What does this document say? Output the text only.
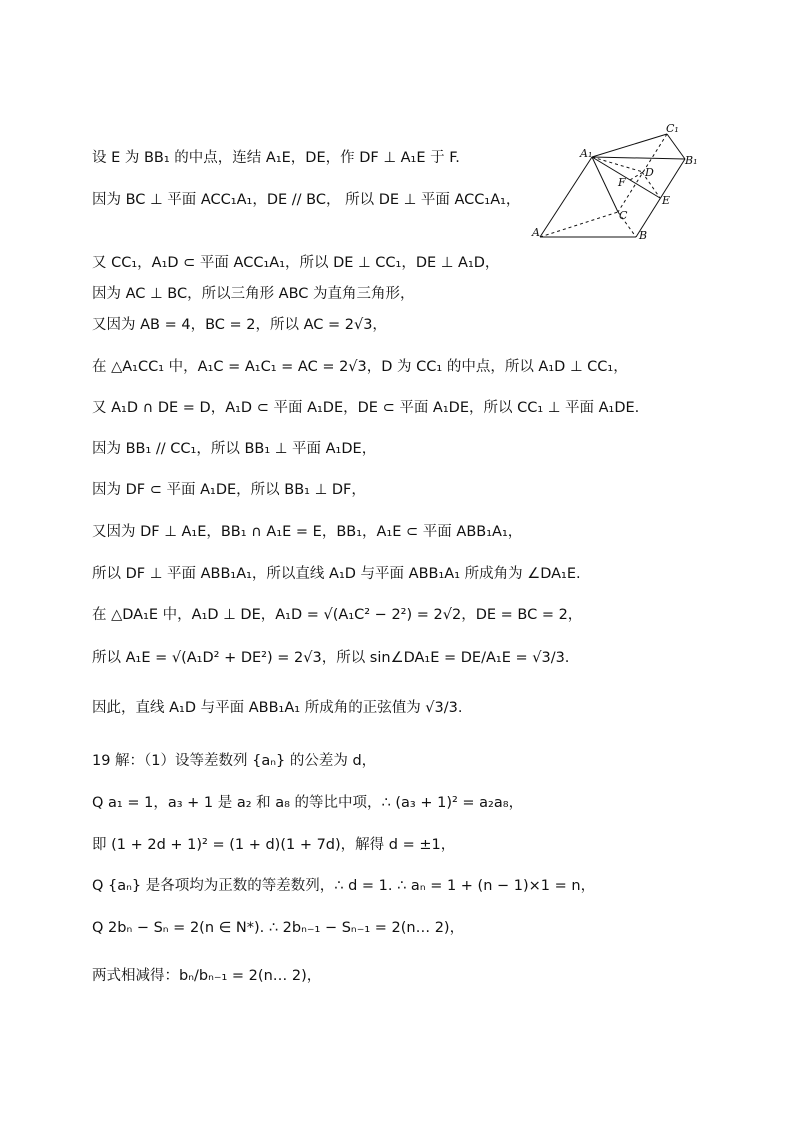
A₁
C₁
B₁
D
F
E
C
A	B
设 E 为 BB₁ 的中点，连结 A₁E，DE，作 DF ⊥ A₁E 于 F.
因为 BC ⊥ 平面 ACC₁A₁，DE // BC， 所以 DE ⊥ 平面 ACC₁A₁，
又 CC₁，A₁D ⊂ 平面 ACC₁A₁，所以 DE ⊥ CC₁，DE ⊥ A₁D，
因为 AC ⊥ BC，所以三角形 ABC 为直角三角形，
又因为 AB = 4，BC = 2，所以 AC = 2√3，
在 △A₁CC₁ 中，A₁C = A₁C₁ = AC = 2√3，D 为 CC₁ 的中点，所以 A₁D ⊥ CC₁，
又 A₁D ∩ DE = D，A₁D ⊂ 平面 A₁DE，DE ⊂ 平面 A₁DE，所以 CC₁ ⊥ 平面 A₁DE.
因为 BB₁ // CC₁，所以 BB₁ ⊥ 平面 A₁DE，
因为 DF ⊂ 平面 A₁DE，所以 BB₁ ⊥ DF，
又因为 DF ⊥ A₁E，BB₁ ∩ A₁E = E，BB₁，A₁E ⊂ 平面 ABB₁A₁，
所以 DF ⊥ 平面 ABB₁A₁，所以直线 A₁D 与平面 ABB₁A₁ 所成角为 ∠DA₁E.
在 △DA₁E 中，A₁D ⊥ DE，A₁D = √(A₁C² − 2²) = 2√2，DE = BC = 2，
所以 A₁E = √(A₁D² + DE²) = 2√3，所以 sin∠DA₁E = DE/A₁E = √3/3.
因此，直线 A₁D 与平面 ABB₁A₁ 所成角的正弦值为 √3/3.
19 解：（1）设等差数列 {aₙ} 的公差为 d，
Q a₁ = 1，a₃ + 1 是 a₂ 和 a₈ 的等比中项，∴ (a₃ + 1)² = a₂a₈，
即 (1 + 2d + 1)² = (1 + d)(1 + 7d)，解得 d = ±1，
Q {aₙ} 是各项均为正数的等差数列，∴ d = 1. ∴ aₙ = 1 + (n − 1)×1 = n，
Q 2bₙ − Sₙ = 2(n ∈ N*). ∴ 2bₙ₋₁ − Sₙ₋₁ = 2(n… 2)，
两式相减得：bₙ/bₙ₋₁ = 2(n… 2)，
